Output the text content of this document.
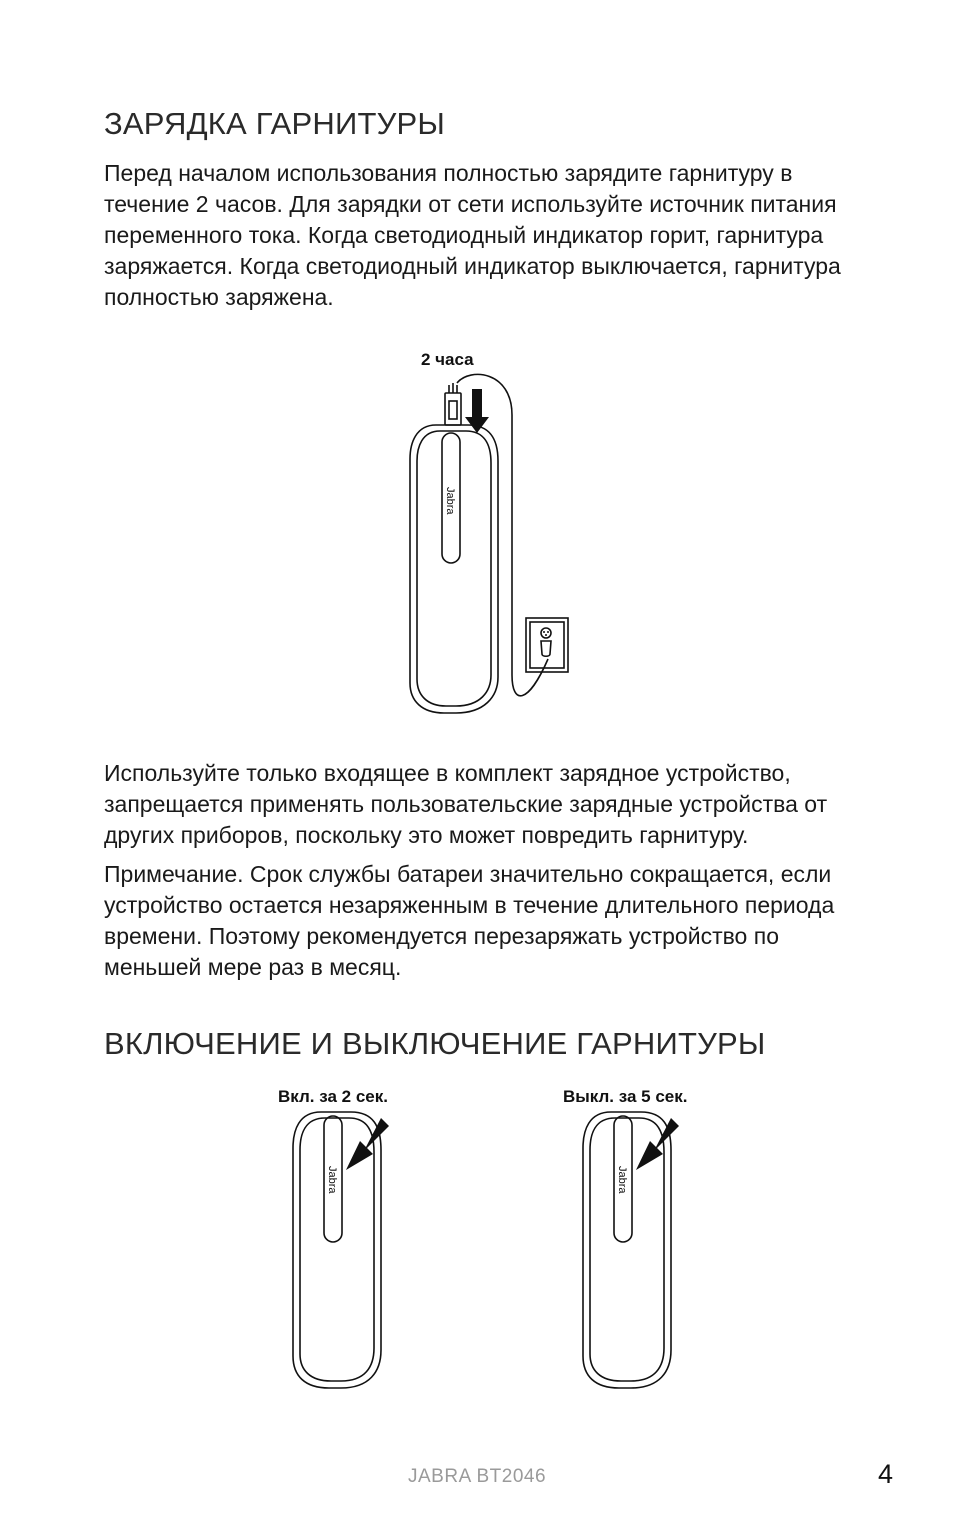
ЗАРЯДКА ГАРНИТУРЫ

Перед началом использования полностью зарядите гарнитуру в течение 2 часов. Для зарядки от сети используйте источник питания переменного тока. Когда светодиодный индикатор горит, гарнитура заряжается. Когда светодиодный индикатор выключается, гарнитура полностью заряжена.

2 часа
Jabra

Используйте только входящее в комплект зарядное устройство, запрещается применять пользовательские зарядные устройства от других приборов, поскольку это может повредить гарнитуру.

Примечание. Срок службы батареи значительно сокращается, если устройство остается незаряженным в течение длительного периода времени. Поэтому рекомендуется перезаряжать устройство по меньшей мере раз в месяц.

ВКЛЮЧЕНИЕ И ВЫКЛЮЧЕНИЕ ГАРНИТУРЫ
Вкл. за 2 сек.	Выкл. за 5 сек.
Jabra	Jabra
JABRA BT2046	4
